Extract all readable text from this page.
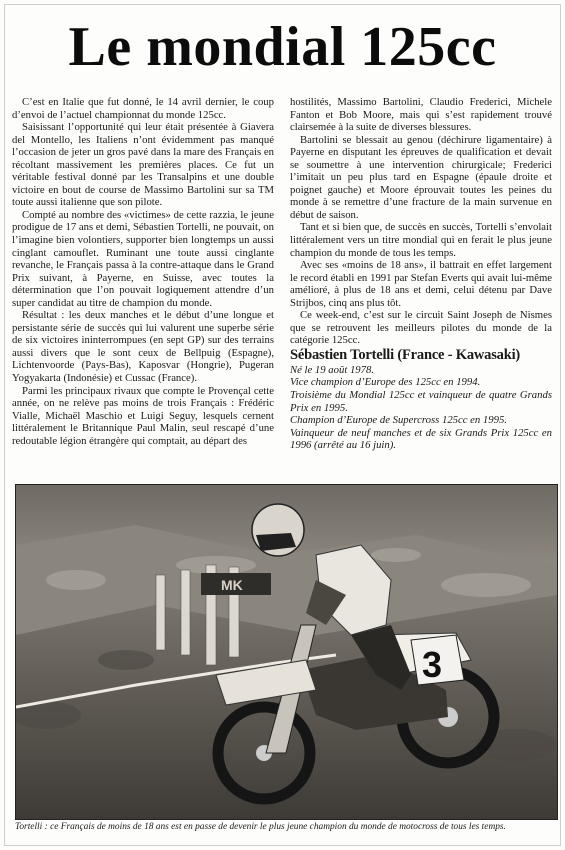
Le mondial 125cc

C’est en Italie que fut donné, le 14 avril dernier, le coup d’envoi de l’actuel championnat du monde 125cc.

Saisissant l’opportunité qui leur était présentée à Giavera del Montello, les Italiens n’ont évidemment pas manqué l’occasion de jeter un gros pavé dans la mare des Français en récoltant massivement les premières places. Ce fut un véritable festival donné par les Transalpins et une double victoire en bout de course de Massimo Bartolini sur sa TM toute aussi italienne que son pilote.

Compté au nombre des «victimes» de cette razzia, le jeune prodigue de 17 ans et demi, Sébastien Tortelli, ne pouvait, on l’imagine bien volontiers, supporter bien longtemps un aussi cinglant camouflet. Ruminant une toute aussi cinglante revanche, le Français passa à la contre-attaque dans le Grand Prix suivant, à Payerne, en Suisse, avec toutes la détermination que l’on pouvait logiquement attendre d’un super candidat au titre de champion du monde.

Résultat : les deux manches et le début d’une longue et persistante série de succès qui lui valurent une superbe série de six victoires ininterrompues (en sept GP) sur des terrains aussi divers que le sont ceux de Bellpuig (Espagne), Lichtenvoorde (Pays-Bas), Kaposvar (Hongrie), Pugeran Yogyakarta (Indonésie) et Cussac (France).

Parmi les principaux rivaux que compte le Provençal cette année, on ne relève pas moins de trois Français : Frédéric Vialle, Michaël Maschio et Luigi Seguy, lesquels cernent littéralement le Britannique Paul Malin, seul rescapé d’une redoutable légion étrangère qui comptait, au départ des

hostilités, Massimo Bartolini, Claudio Frederici, Michele Fanton et Bob Moore, mais qui s’est rapidement trouvé clairsemée à la suite de diverses blessures.

Bartolini se blessait au genou (déchirure ligamentaire) à Payerne en disputant les épreuves de qualification et devait se soumettre à une intervention chirurgicale; Frederici l’imitait un peu plus tard en Espagne (épaule droite et poignet gauche) et Moore éprouvait toutes les peines du monde à se remettre d’une fracture de la main survenue en début de saison.

Tant et si bien que, de succès en succès, Tortelli s’envolait littéralement vers un titre mondial qui en ferait le plus jeune champion du monde de tous les temps.

Avec ses «moins de 18 ans», il battrait en effet largement le record établi en 1991 par Stefan Everts qui avait lui-même amélioré, à plus de 18 ans et demi, celui détenu par Dave Strijbos, cinq ans plus tôt.

Ce week-end, c’est sur le circuit Saint Joseph de Nismes que se retrouvent les meilleurs pilotes du monde de la catégorie 125cc.

Sébastien Tortelli (France - Kawasaki)

Né le 19 août 1978.

Vice champion d’Europe des 125cc en 1994.

Troisième du Mondial 125cc et vainqueur de quatre Grands Prix en 1995.

Champion d’Europe de Supercross 125cc en 1995.

Vainqueur de neuf manches et de six Grands Prix 125cc en 1996 (arrêté au 16 juin).

MK
3
Tortelli : ce Français de moins de 18 ans est en passe de devenir le plus jeune champion du monde de motocross de tous les temps.
